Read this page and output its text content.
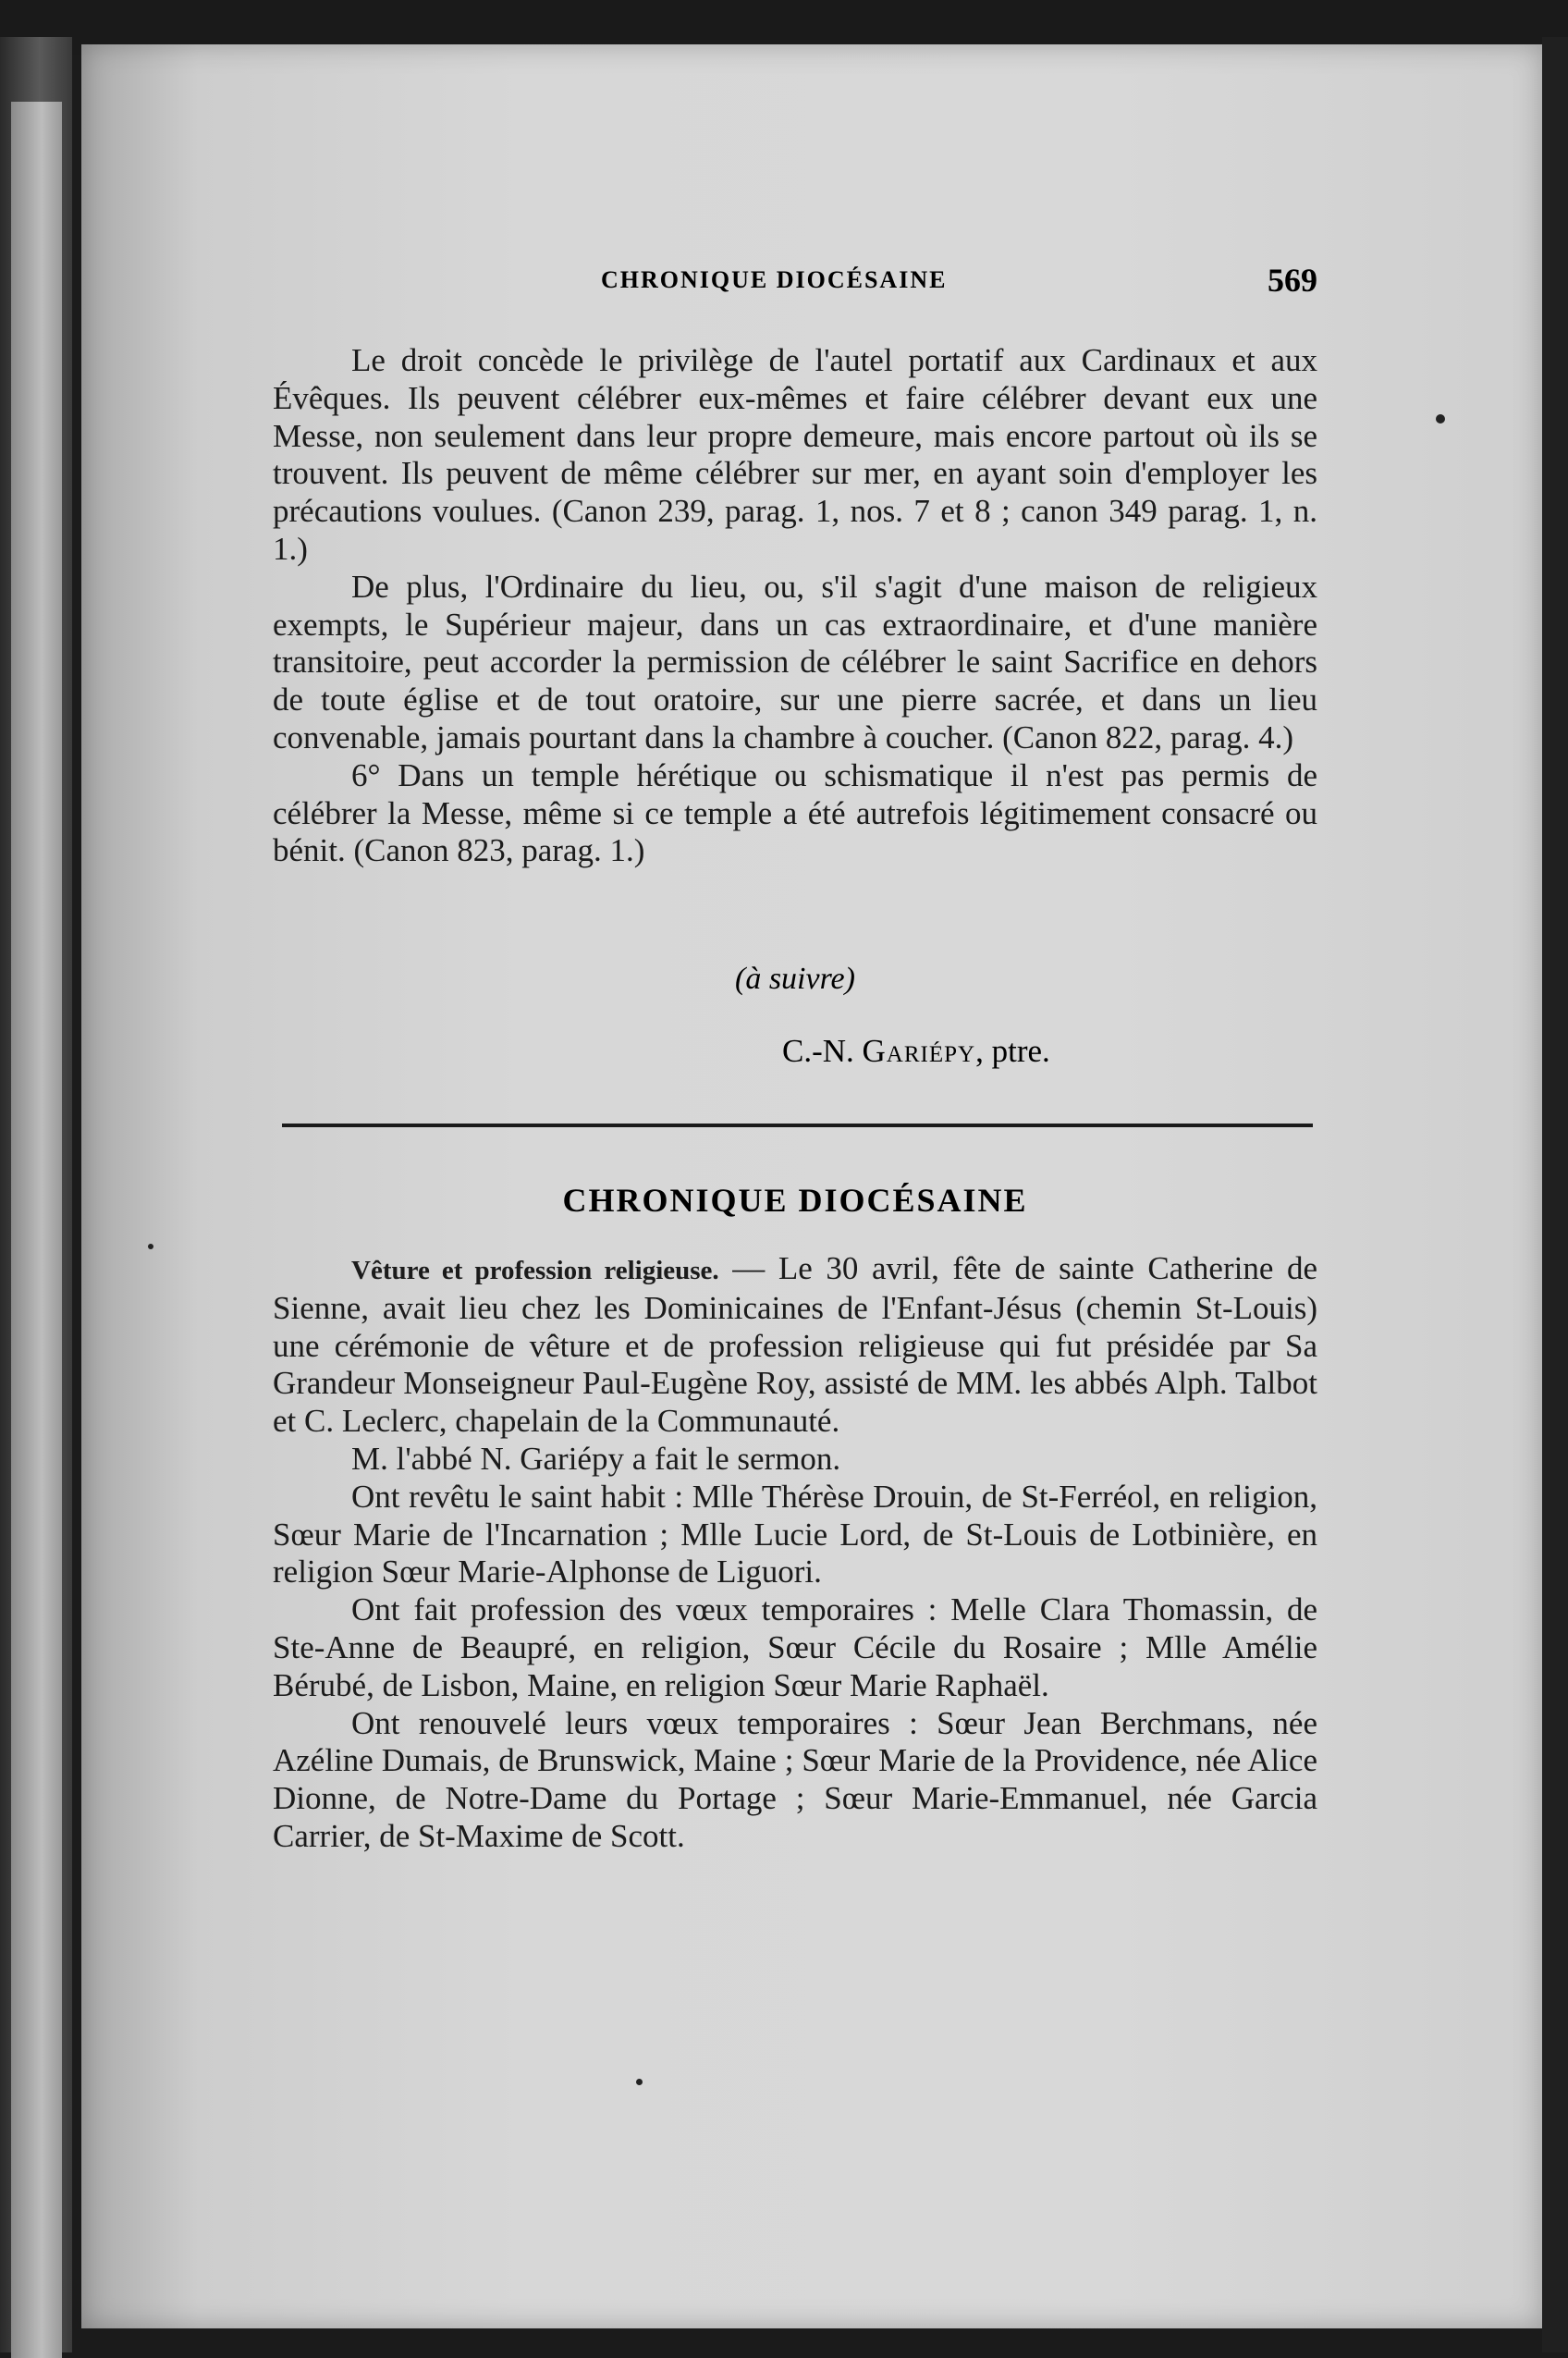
CHRONIQUE DIOCÉSAINE	569

Le droit concède le privilège de l'autel portatif aux Cardinaux et aux Évêques. Ils peuvent célébrer eux-mêmes et faire célébrer devant eux une Messe, non seulement dans leur propre demeure, mais encore partout où ils se trouvent. Ils peuvent de même célébrer sur mer, en ayant soin d'employer les précautions voulues. (Canon 239, parag. 1, nos. 7 et 8 ; canon 349 parag. 1, n. 1.)

De plus, l'Ordinaire du lieu, ou, s'il s'agit d'une maison de religieux exempts, le Supérieur majeur, dans un cas extraordinaire, et d'une manière transitoire, peut accorder la permission de célébrer le saint Sacrifice en dehors de toute église et de tout oratoire, sur une pierre sacrée, et dans un lieu convenable, jamais pourtant dans la chambre à coucher. (Canon 822, parag. 4.)

6° Dans un temple hérétique ou schismatique il n'est pas permis de célébrer la Messe, même si ce temple a été autrefois légitimement consacré ou bénit. (Canon 823, parag. 1.)

(à suivre)
C.-N. Gariépy, ptre.
CHRONIQUE DIOCÉSAINE

Vêture et profession religieuse. — Le 30 avril, fête de sainte Catherine de Sienne, avait lieu chez les Dominicaines de l'Enfant-Jésus (chemin St-Louis) une cérémonie de vêture et de profession religieuse qui fut présidée par Sa Grandeur Monseigneur Paul-Eugène Roy, assisté de MM. les abbés Alph. Talbot et C. Leclerc, chapelain de la Communauté.

M. l'abbé N. Gariépy a fait le sermon.

Ont revêtu le saint habit : Mlle Thérèse Drouin, de St-Ferréol, en religion, Sœur Marie de l'Incarnation ; Mlle Lucie Lord, de St-Louis de Lotbinière, en religion Sœur Marie-Alphonse de Liguori.

Ont fait profession des vœux temporaires : Melle Clara Thomassin, de Ste-Anne de Beaupré, en religion, Sœur Cécile du Rosaire ; Mlle Amélie Bérubé, de Lisbon, Maine, en religion Sœur Marie Raphaël.

Ont renouvelé leurs vœux temporaires : Sœur Jean Berchmans, née Azéline Dumais, de Brunswick, Maine ; Sœur Marie de la Providence, née Alice Dionne, de Notre-Dame du Portage ; Sœur Marie-Emmanuel, née Garcia Carrier, de St-Maxime de Scott.
